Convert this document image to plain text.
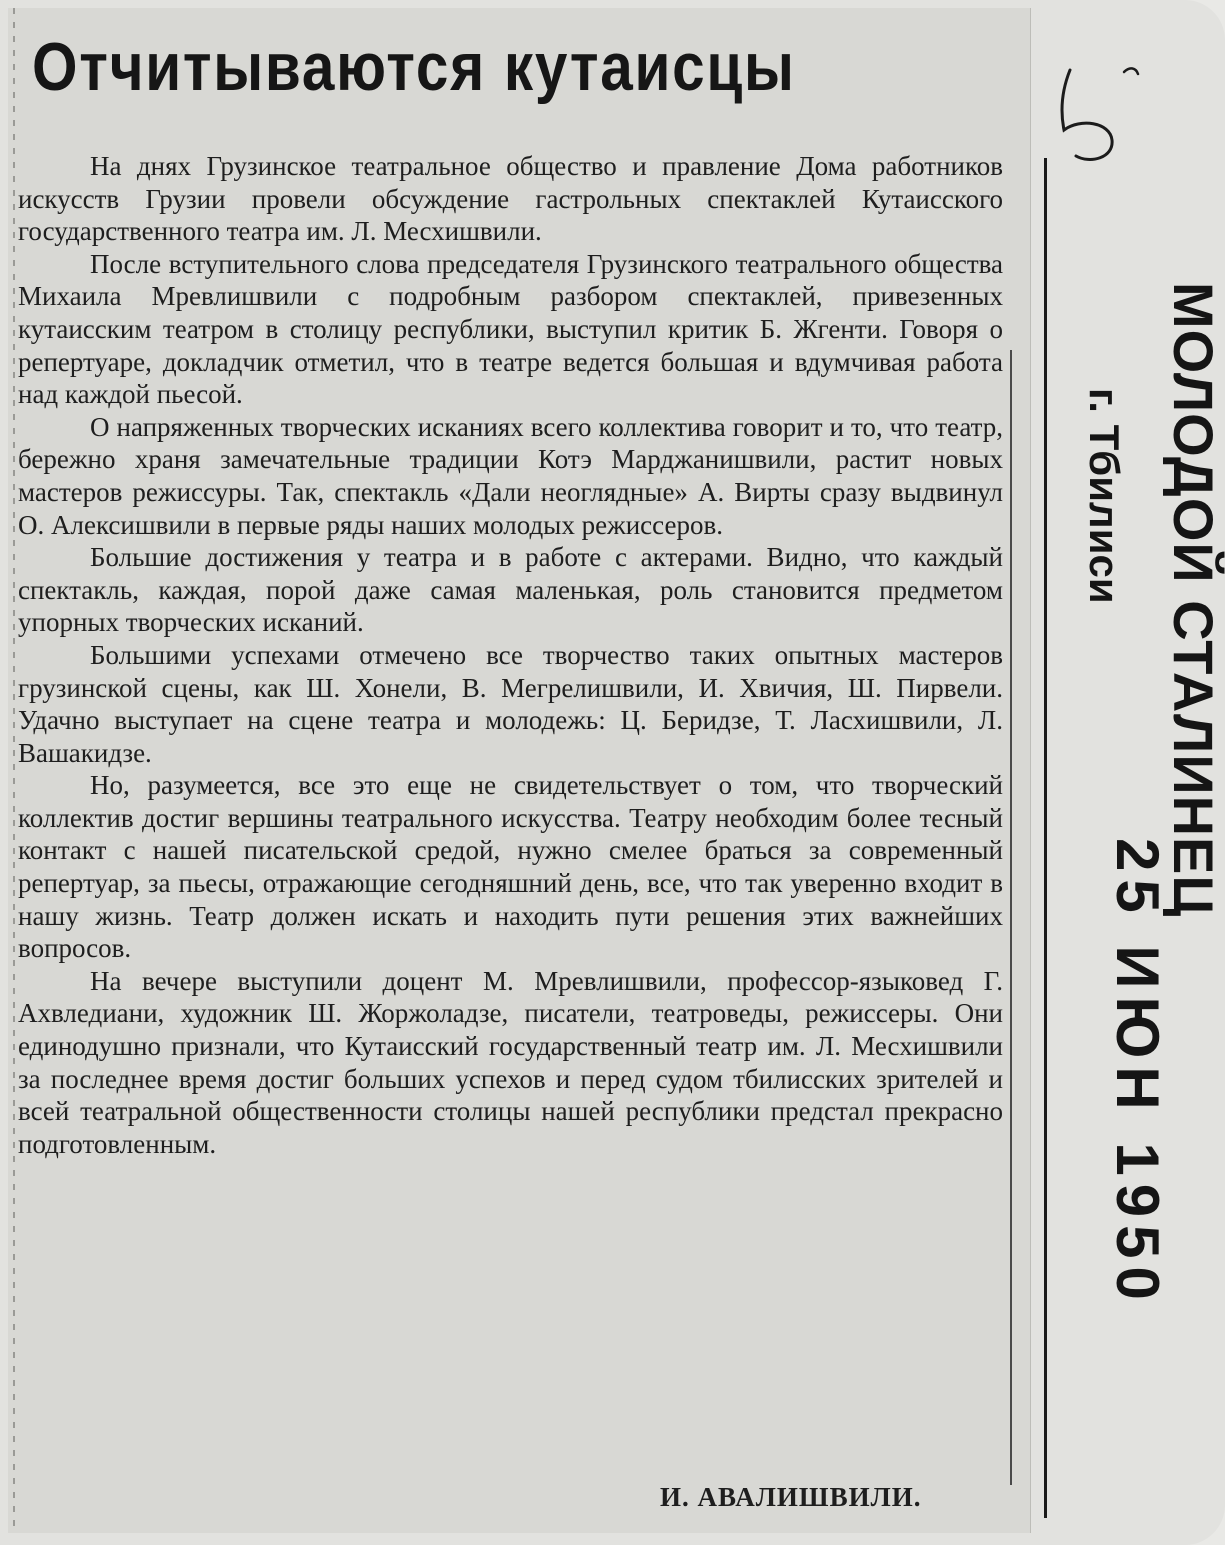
Отчитываются кутаисцы

На днях Грузинское театральное общество и правление Дома работников искусств Грузии провели обсуждение гастрольных спектаклей Кутаисского государственного театра им. Л. Месхишвили.

После вступительного слова председателя Грузинского театрального общества Михаила Мревлишвили с подробным разбором спектаклей, привезенных кутаисским театром в столицу республики, выступил критик Б. Жгенти. Говоря о репертуаре, докладчик отметил, что в театре ведется большая и вдумчивая работа над каждой пьесой.

О напряженных творческих исканиях всего коллектива говорит и то, что театр, бережно храня замечательные традиции Котэ Марджанишвили, растит новых мастеров режиссуры. Так, спектакль «Дали неоглядные» А. Вирты сразу выдвинул О. Алексишвили в первые ряды наших молодых режиссеров.

Большие достижения у театра и в работе с актерами. Видно, что каждый спектакль, каждая, порой даже самая маленькая, роль становится предметом упорных творческих исканий.

Большими успехами отмечено все творчество таких опытных мастеров грузинской сцены, как Ш. Хонели, В. Мегрелишвили, И. Хвичия, Ш. Пирвели. Удачно выступает на сцене театра и молодежь: Ц. Беридзе, Т. Ласхишвили, Л. Вашакидзе.

Но, разумеется, все это еще не свидетельствует о том, что творческий коллектив достиг вершины театрального искусства. Театру необходим более тесный контакт с нашей писательской средой, нужно смелее браться за современный репертуар, за пьесы, отражающие сегодняшний день, все, что так уверенно входит в нашу жизнь. Театр должен искать и находить пути решения этих важнейших вопросов.

На вечере выступили доцент М. Мревлишвили, профессор-языковед Г. Ахвледиани, художник Ш. Жоржоладзе, писатели, театроведы, режиссеры. Они единодушно признали, что Кутаисский государственный театр им. Л. Месхишвили за последнее время достиг больших успехов и перед судом тбилисских зрителей и всей театральной общественности столицы нашей республики предстал прекрасно подготовленным.

И. АВАЛИШВИЛИ.
МОЛОДОЙ СТАЛИНЕЦ
г. Тбилиси
25 ИЮН 1950
